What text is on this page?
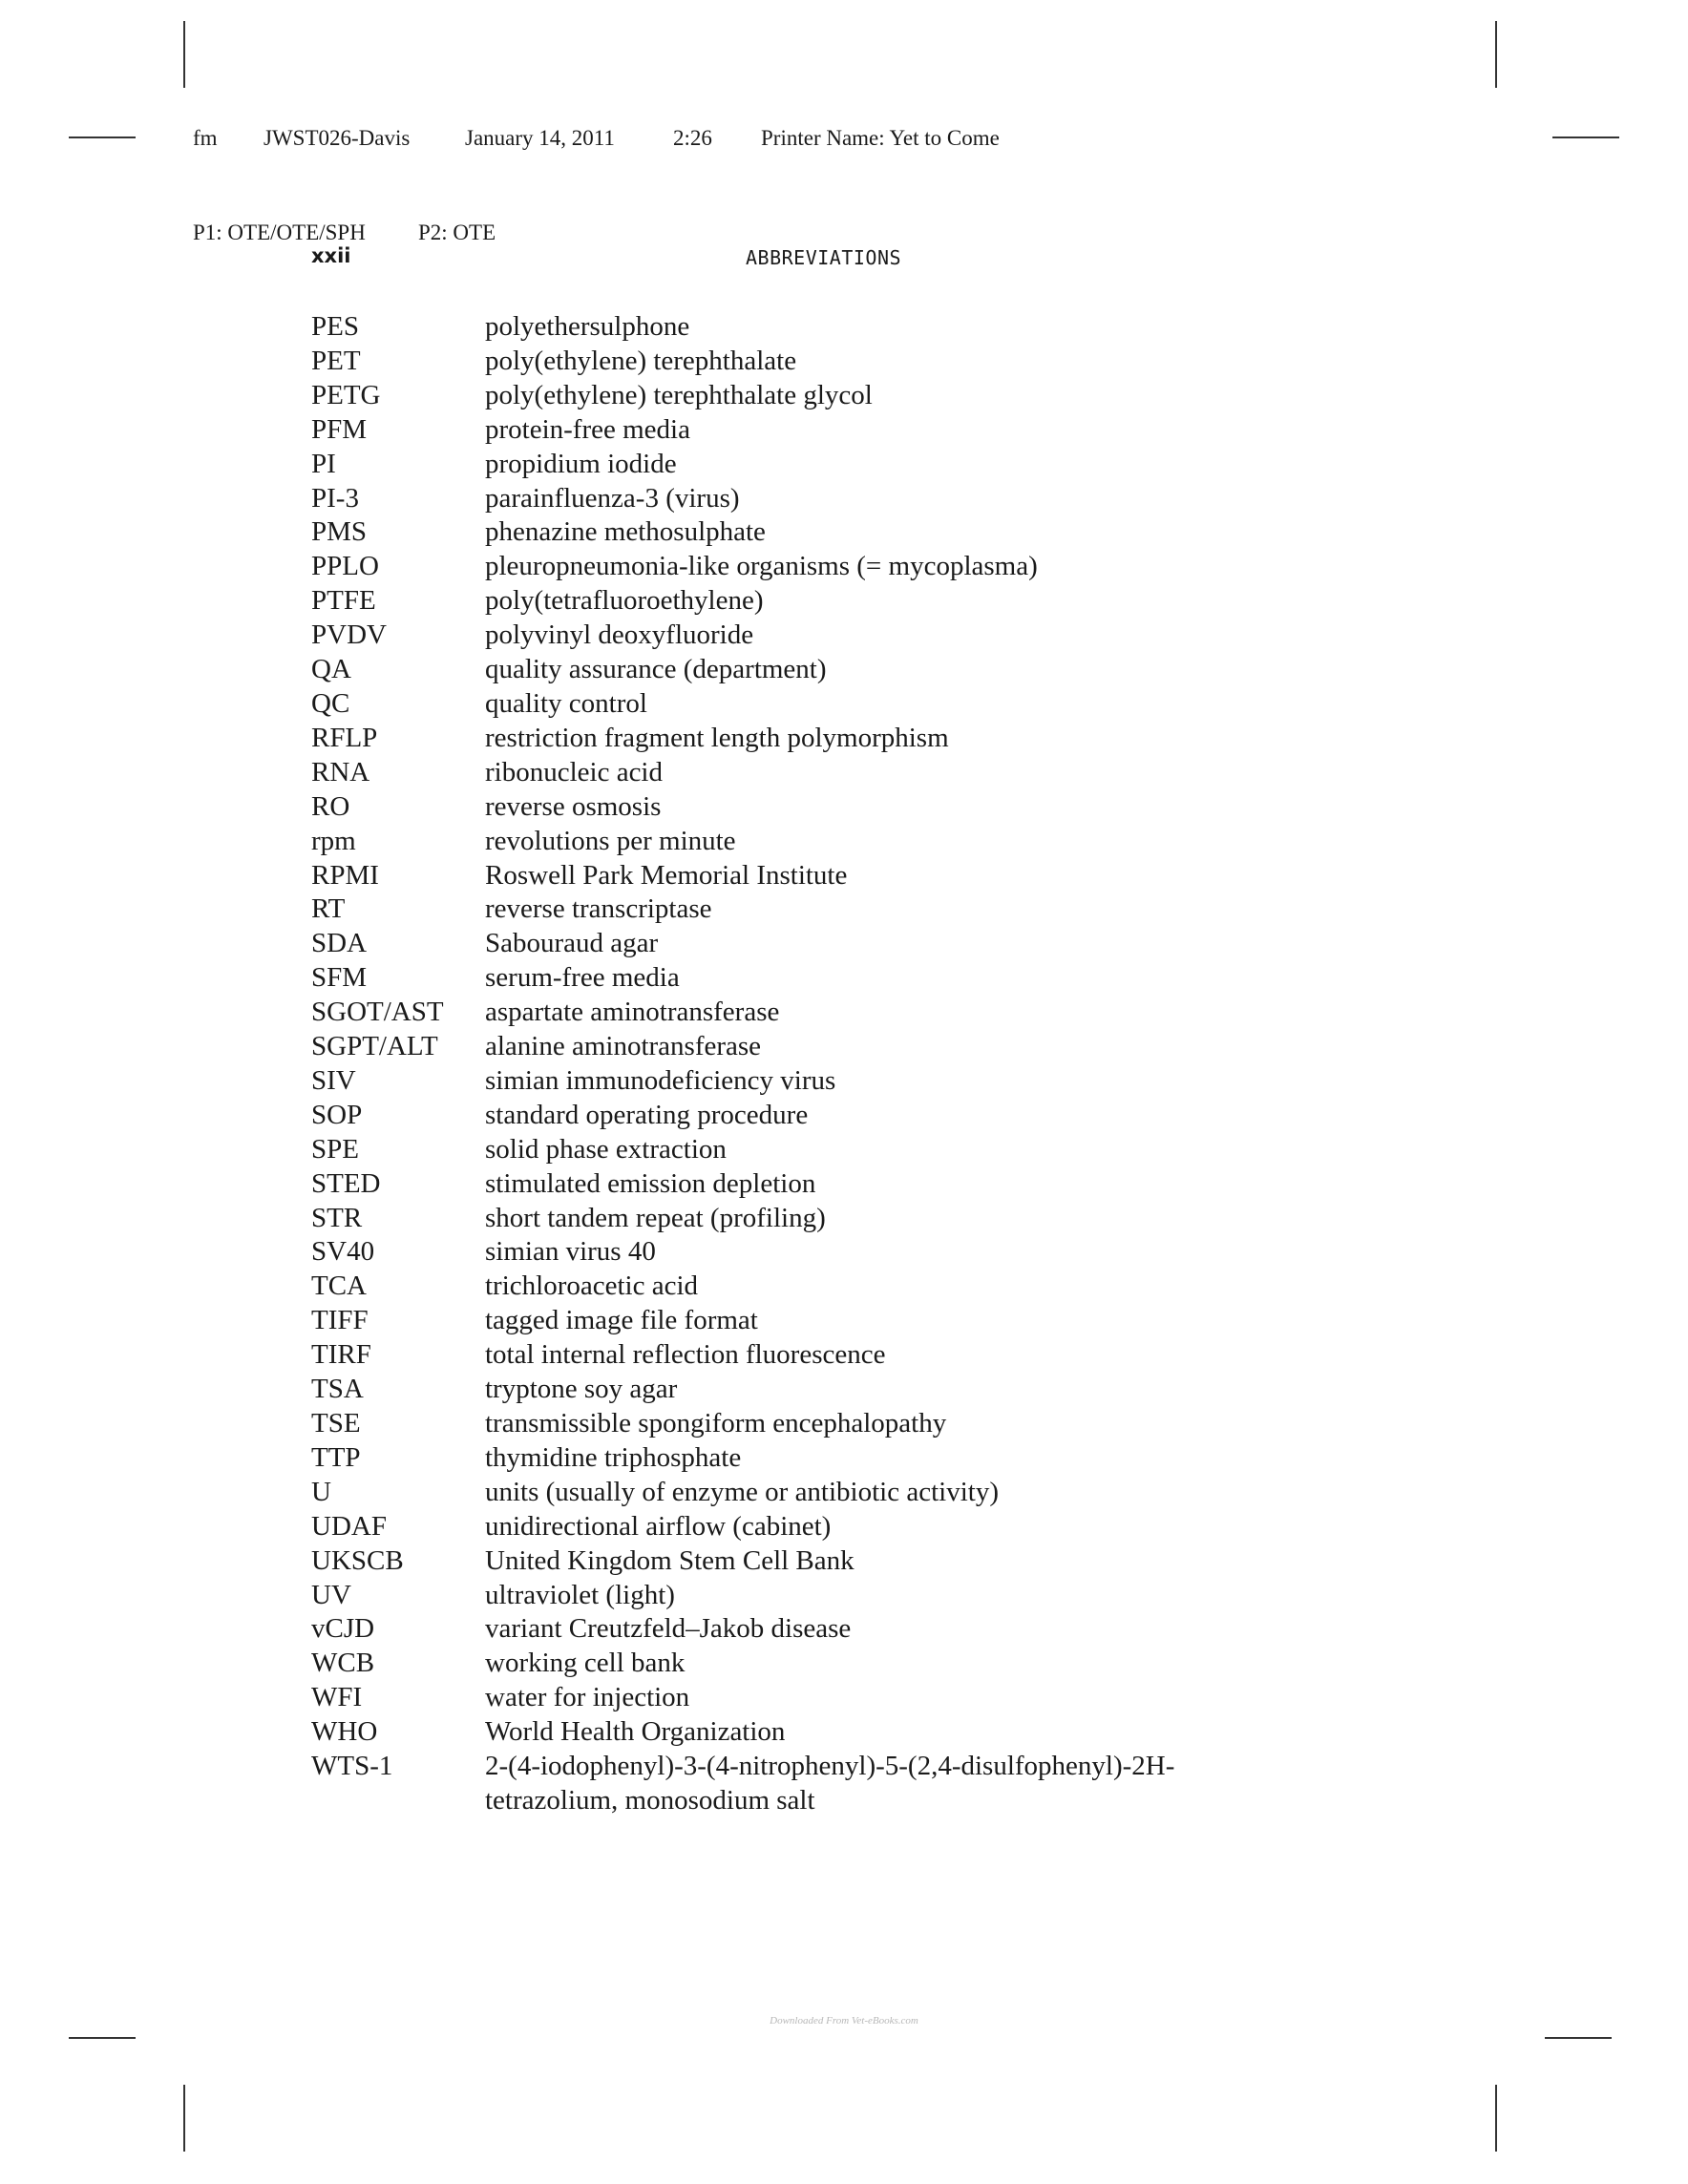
fm JWST026-Davis	January 14, 2011	2:26 Printer Name: Yet to Come

P1: OTE/OTE/SPH P2: OTE

xxii	ABBREVIATIONS
PES	polyethersulphone
PET	poly(ethylene) terephthalate
PETG	poly(ethylene) terephthalate glycol
PFM	protein-free media
PI	propidium iodide
PI-3	parainfluenza-3 (virus)
PMS	phenazine methosulphate
PPLO	pleuropneumonia-like organisms (= mycoplasma)
PTFE	poly(tetrafluoroethylene)
PVDV	polyvinyl deoxyfluoride
QA	quality assurance (department)
QC	quality control
RFLP	restriction fragment length polymorphism
RNA	ribonucleic acid
RO	reverse osmosis
rpm	revolutions per minute
RPMI	Roswell Park Memorial Institute
RT	reverse transcriptase
SDA	Sabouraud agar
SFM	serum-free media
SGOT/AST	aspartate aminotransferase
SGPT/ALT	alanine aminotransferase
SIV	simian immunodeficiency virus
SOP	standard operating procedure
SPE	solid phase extraction
STED	stimulated emission depletion
STR	short tandem repeat (profiling)
SV40	simian virus 40
TCA	trichloroacetic acid
TIFF	tagged image file format
TIRF	total internal reflection fluorescence
TSA	tryptone soy agar
TSE	transmissible spongiform encephalopathy
TTP	thymidine triphosphate
U	units (usually of enzyme or antibiotic activity)
UDAF	unidirectional airflow (cabinet)
UKSCB	United Kingdom Stem Cell Bank
UV	ultraviolet (light)
vCJD	variant Creutzfeld–Jakob disease
WCB	working cell bank
WFI	water for injection
WHO	World Health Organization
WTS-1	2-(4-iodophenyl)-3-(4-nitrophenyl)-5-(2,4-disulfophenyl)-2H-
tetrazolium, monosodium salt
Downloaded From Vet-eBooks.com
